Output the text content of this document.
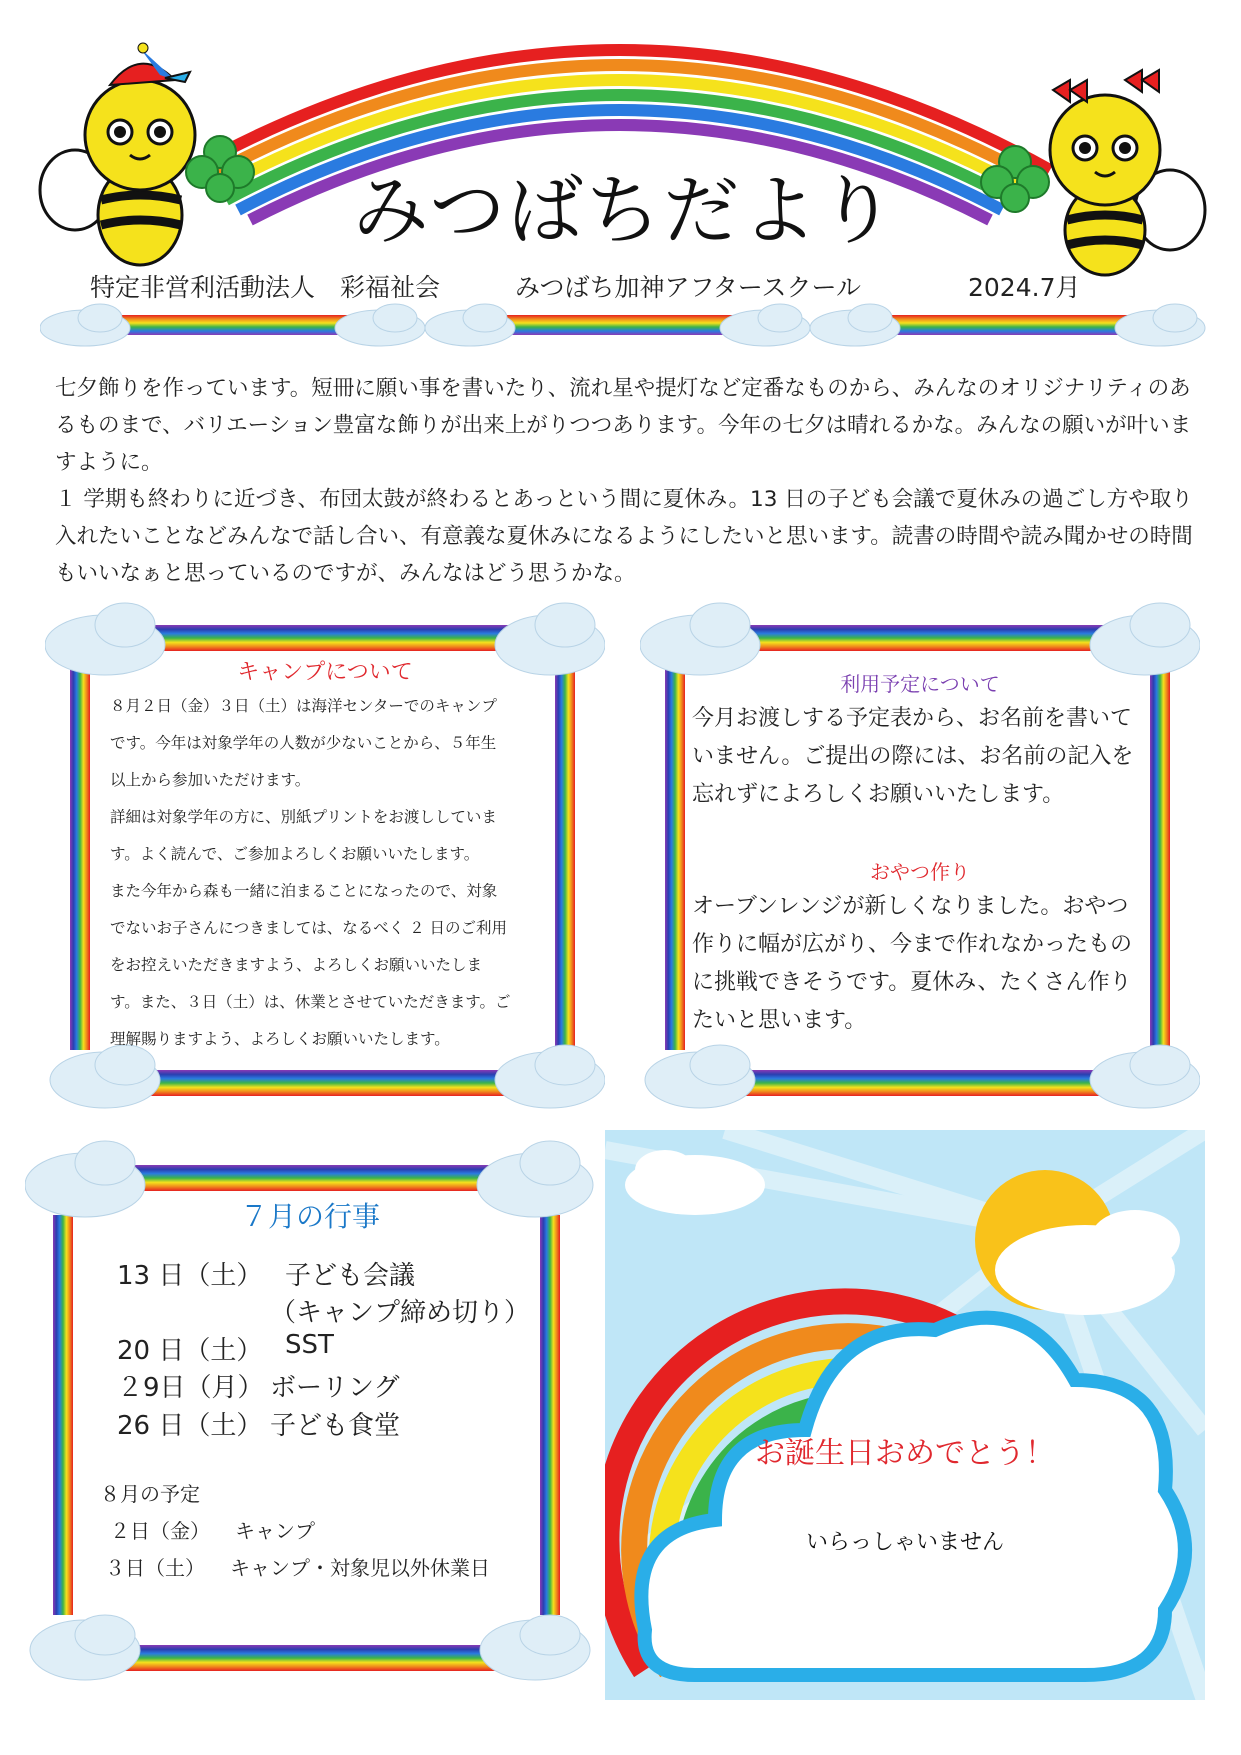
みつばちだより
特定非営利活動法人　彩福祉会	みつばち加神アフタースクール	2024.7月

七夕飾りを作っています。短冊に願い事を書いたり、流れ星や提灯など定番なものから、みんなのオリジナリティのあるものまで、バリエーション豊富な飾りが出来上がりつつあります。今年の七夕は晴れるかな。みんなの願いが叶いますように。

１ 学期も終わりに近づき、布団太鼓が終わるとあっという間に夏休み。13 日の子ども会議で夏休みの過ごし方や取り入れたいことなどみんなで話し合い、有意義な夏休みになるようにしたいと思います。読書の時間や読み聞かせの時間もいいなぁと思っているのですが、みんなはどう思うかな。

キャンプについて
８月２日（金）３日（土）は海洋センターでのキャンプ
です。今年は対象学年の人数が少ないことから、５年生
以上から参加いただけます。
詳細は対象学年の方に、別紙プリントをお渡ししていま
す。よく読んで、ご参加よろしくお願いいたします。
また今年から森も一緒に泊まることになったので、対象
でないお子さんにつきましては、なるべく ２ 日のご利用
をお控えいただきますよう、よろしくお願いいたしま
す。また、３日（土）は、休業とさせていただきます。ご
理解賜りますよう、よろしくお願いいたします。
利用予定について
今月お渡しする予定表から、お名前を書いて
いません。ご提出の際には、お名前の記入を
忘れずによろしくお願いいたします。
おやつ作り
オーブンレンジが新しくなりました。おやつ
作りに幅が広がり、今まで作れなかったもの
に挑戦できそうです。夏休み、たくさん作り
たいと思います。
７月の行事
13 日（土） 子ども会議
（キャンプ締め切り）
20 日（土） SST
２9日（月） ボーリング
26 日（土） 子ども食堂
８月の予定
２日（金） キャンプ
３日（土） キャンプ・対象児以外休業日
お誕生日おめでとう！
いらっしゃいません
